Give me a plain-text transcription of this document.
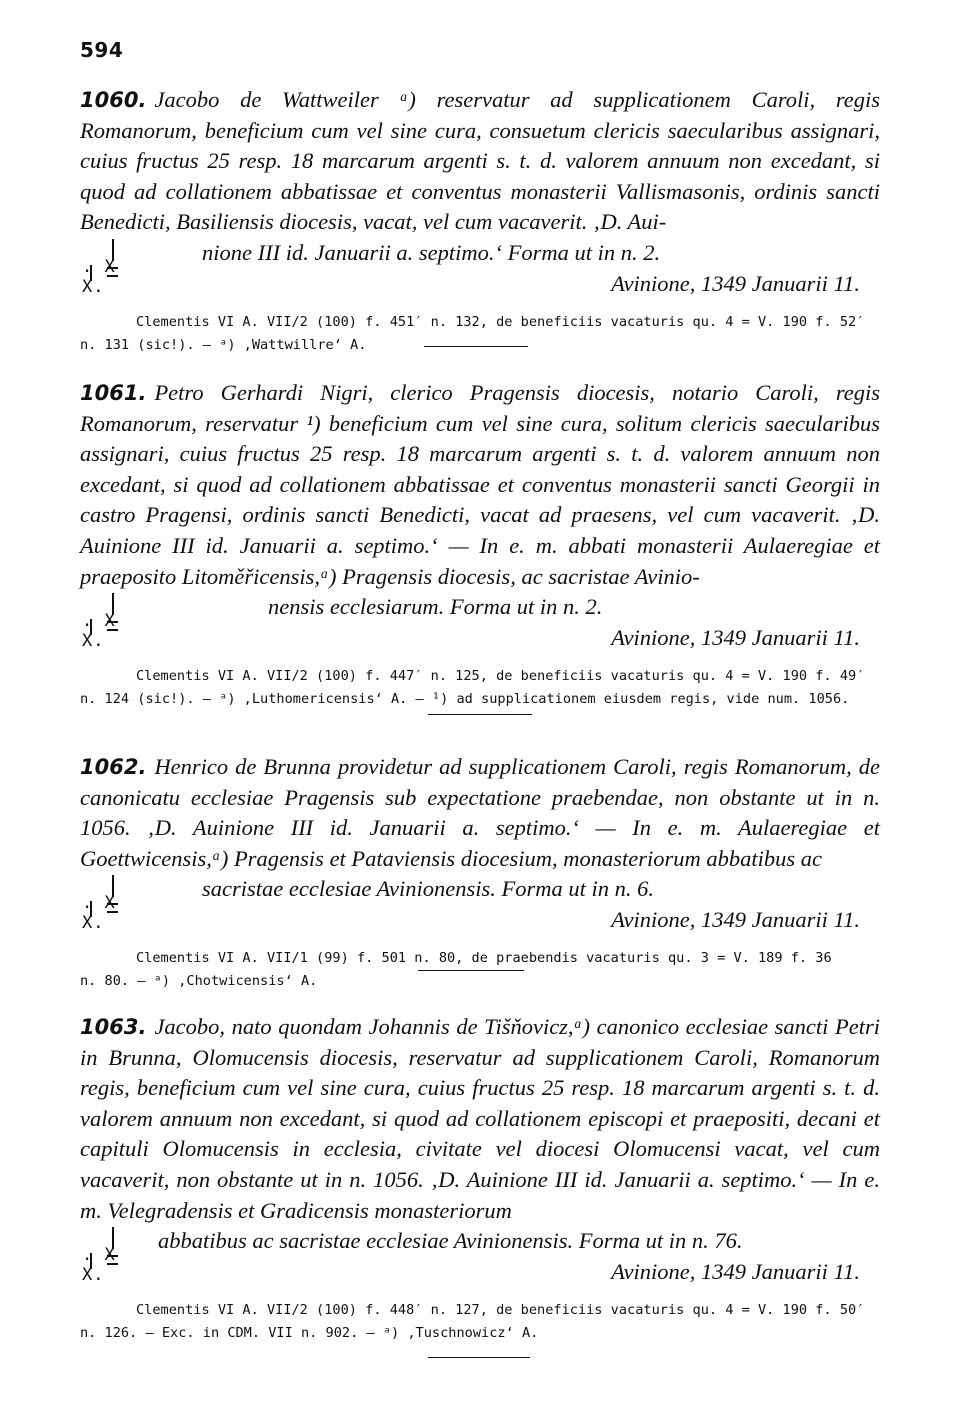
594

1060. Jacobo de Wattweiler ᵃ) reservatur ad supplicationem Caroli, regis Romanorum, beneficium cum vel sine cura, consuetum clericis saecularibus assignari, cuius fructus 25 resp. 18 marcarum argenti s. t. d. valorem annuum non excedant, si quod ad collationem abbatissae et conventus monasterii Vallismasonis, ordinis sancti Benedicti, Basiliensis diocesis, vacat, vel cum vacaverit. ‚D. Aui-

nione III id. Januarii a. septimo.‘ Forma ut in n. 2.
. X X.	Avinione, 1349 Januarii 11.

Clementis VI A. VII/2 (100) f. 451′ n. 132, de beneficiis vacaturis qu. 4 = V. 190 f. 52′
n. 131 (sic!). — ᵃ) ‚Wattwillre‘ A.

1061. Petro Gerhardi Nigri, clerico Pragensis diocesis, notario Caroli, regis Romanorum, reservatur ¹) beneficium cum vel sine cura, solitum clericis saecularibus assignari, cuius fructus 25 resp. 18 marcarum argenti s. t. d. valorem annuum non excedant, si quod ad collationem abbatissae et conventus monasterii sancti Georgii in castro Pragensi, ordinis sancti Benedicti, vacat ad praesens, vel cum vacaverit. ‚D. Auinione III id. Januarii a. septimo.‘ — In e. m. abbati monasterii Aulaeregiae et praeposito Litoměřicensis,ᵃ) Pragensis diocesis, ac sacristae Avinio-

nensis ecclesiarum. Forma ut in n. 2.
. X X.	Avinione, 1349 Januarii 11.

Clementis VI A. VII/2 (100) f. 447′ n. 125, de beneficiis vacaturis qu. 4 = V. 190 f. 49′
n. 124 (sic!). — ᵃ) ‚Luthomericensis‘ A. — ¹) ad supplicationem eiusdem regis, vide num. 1056.

1062. Henrico de Brunna providetur ad supplicationem Caroli, regis Romanorum, de canonicatu ecclesiae Pragensis sub expectatione praebendae, non obstante ut in n. 1056. ‚D. Auinione III id. Januarii a. septimo.‘ — In e. m. Aulaeregiae et Goettwicensis,ᵃ) Pragensis et Pataviensis diocesium, monasteriorum abbatibus ac

sacristae ecclesiae Avinionensis. Forma ut in n. 6.
. X X.	Avinione, 1349 Januarii 11.

Clementis VI A. VII/1 (99) f. 501 n. 80, de praebendis vacaturis qu. 3 = V. 189 f. 36
n. 80. — ᵃ) ‚Chotwicensis‘ A.

1063. Jacobo, nato quondam Johannis de Tišňovicz,ᵃ) canonico ecclesiae sancti Petri in Brunna, Olomucensis diocesis, reservatur ad supplicationem Caroli, Romanorum regis, beneficium cum vel sine cura, cuius fructus 25 resp. 18 marcarum argenti s. t. d. valorem annuum non excedant, si quod ad collationem episcopi et praepositi, decani et capituli Olomucensis in ecclesia, civitate vel diocesi Olomucensi vacat, vel cum vacaverit, non obstante ut in n. 1056. ‚D. Auinione III id. Januarii a. septimo.‘ — In e. m. Velegradensis et Gradicensis monasteriorum

abbatibus ac sacristae ecclesiae Avinionensis. Forma ut in n. 76.
. X X.	Avinione, 1349 Januarii 11.

Clementis VI A. VII/2 (100) f. 448′ n. 127, de beneficiis vacaturis qu. 4 = V. 190 f. 50′
n. 126. — Exc. in CDM. VII n. 902. — ᵃ) ‚Tuschnowicz‘ A.
